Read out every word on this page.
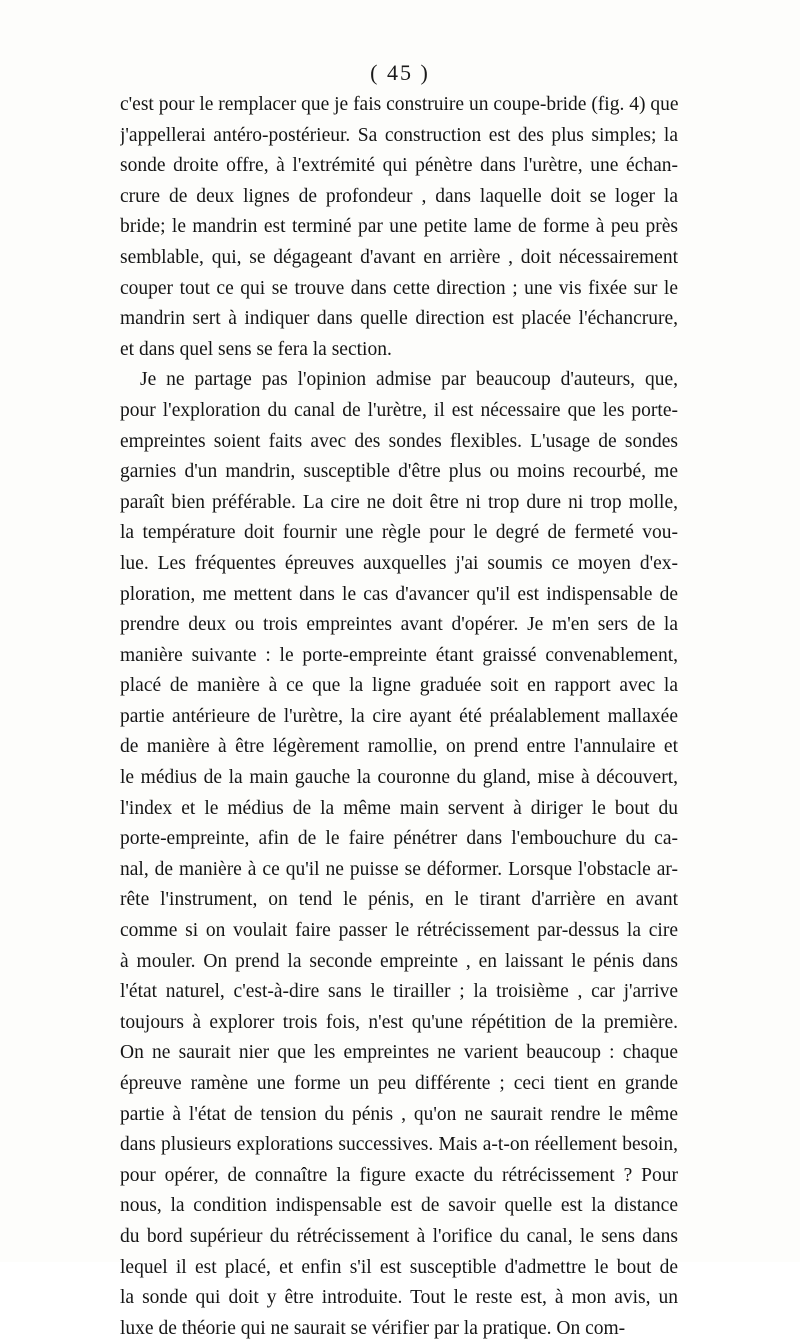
( 45 )
c'est pour le remplacer que je fais construire un coupe-bride (fig. 4) que
j'appellerai antéro-postérieur. Sa construction est des plus simples; la
sonde droite offre, à l'extrémité qui pénètre dans l'urètre, une échan-
crure de deux lignes de profondeur , dans laquelle doit se loger la
bride; le mandrin est terminé par une petite lame de forme à peu près
semblable, qui, se dégageant d'avant en arrière , doit nécessairement
couper tout ce qui se trouve dans cette direction ; une vis fixée sur le
mandrin sert à indiquer dans quelle direction est placée l'échancrure,
et dans quel sens se fera la section.
Je ne partage pas l'opinion admise par beaucoup d'auteurs, que,
pour l'exploration du canal de l'urètre, il est nécessaire que les porte-
empreintes soient faits avec des sondes flexibles. L'usage de sondes
garnies d'un mandrin, susceptible d'être plus ou moins recourbé, me
paraît bien préférable. La cire ne doit être ni trop dure ni trop molle,
la température doit fournir une règle pour le degré de fermeté vou-
lue. Les fréquentes épreuves auxquelles j'ai soumis ce moyen d'ex-
ploration, me mettent dans le cas d'avancer qu'il est indispensable de
prendre deux ou trois empreintes avant d'opérer. Je m'en sers de la
manière suivante : le porte-empreinte étant graissé convenablement,
placé de manière à ce que la ligne graduée soit en rapport avec la
partie antérieure de l'urètre, la cire ayant été préalablement mallaxée
de manière à être légèrement ramollie, on prend entre l'annulaire et
le médius de la main gauche la couronne du gland, mise à découvert,
l'index et le médius de la même main servent à diriger le bout du
porte-empreinte, afin de le faire pénétrer dans l'embouchure du ca-
nal, de manière à ce qu'il ne puisse se déformer. Lorsque l'obstacle ar-
rête l'instrument, on tend le pénis, en le tirant d'arrière en avant
comme si on voulait faire passer le rétrécissement par-dessus la cire
à mouler. On prend la seconde empreinte , en laissant le pénis dans
l'état naturel, c'est-à-dire sans le tirailler ; la troisième , car j'arrive
toujours à explorer trois fois, n'est qu'une répétition de la première.
On ne saurait nier que les empreintes ne varient beaucoup : chaque
épreuve ramène une forme un peu différente ; ceci tient en grande
partie à l'état de tension du pénis , qu'on ne saurait rendre le même
dans plusieurs explorations successives. Mais a-t-on réellement besoin,
pour opérer, de connaître la figure exacte du rétrécissement ? Pour
nous, la condition indispensable est de savoir quelle est la distance
du bord supérieur du rétrécissement à l'orifice du canal, le sens dans
lequel il est placé, et enfin s'il est susceptible d'admettre le bout de
la sonde qui doit y être introduite. Tout le reste est, à mon avis, un
luxe de théorie qui ne saurait se vérifier par la pratique. On com-
